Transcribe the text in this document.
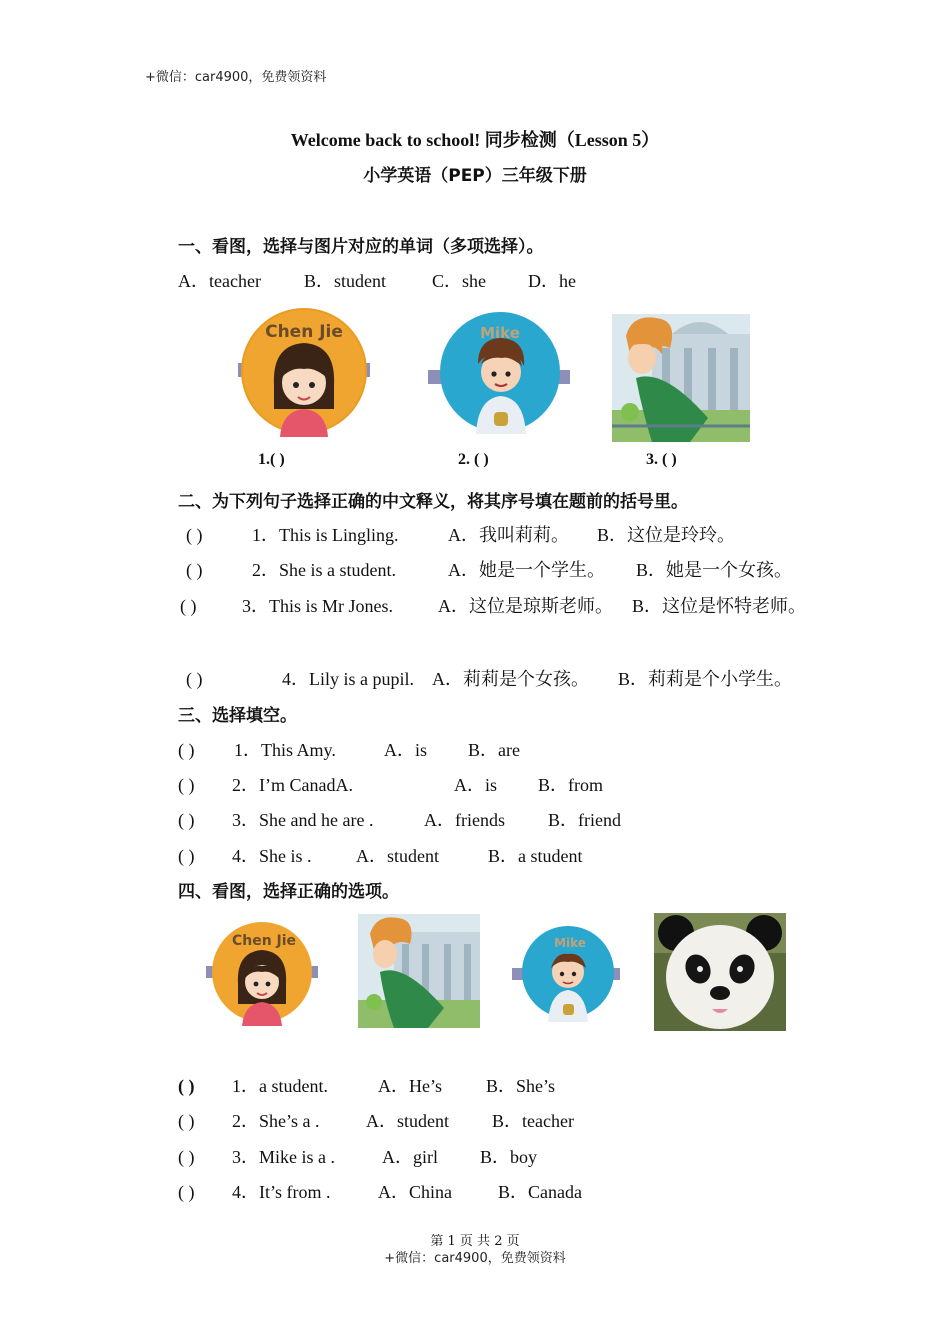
+微信：car4900，免费领资料
Welcome back to school! 同步检测（Lesson 5）
小学英语（PEP）三年级下册
一、看图，选择与图片对应的单词（多项选择）。
A．teacher B．student	C．she D．he
Chen Jie
1.( )
Mike
2. ( )	3. ( )
二、为下列句子选择正确的中文释义，将其序号填在题前的括号里。
( )	1．This is Lingling.	A．我叫莉莉。 B．这位是玲玲。
( )	2．She is a student.	A．她是一个学生。 B．她是一个女孩。
( )	3．This is Mr Jones. A．这位是琼斯老师。 B．这位是怀特老师。
( )	4．Lily is a pupil. A．莉莉是个女孩。 B．莉莉是个小学生。
三、选择填空。
( ) 1．This Amy.	A．is B．are
( ) 2．I’m CanadA.	A．is B．from
( ) 3．She and he are .	A．friends B．friend
( ) 4．She is . A．student	B．a student
四、看图，选择正确的选项。
Chen Jie	Mike
( ) 1．a student.	A．He’s B．She’s
( ) 2．She’s a .	A．student B．teacher
( ) 3．Mike is a .	A．girl B．boy
( ) 4．It’s from .	A．China	B．Canada
第 1 页 共 2 页
+微信：car4900，免费领资料
